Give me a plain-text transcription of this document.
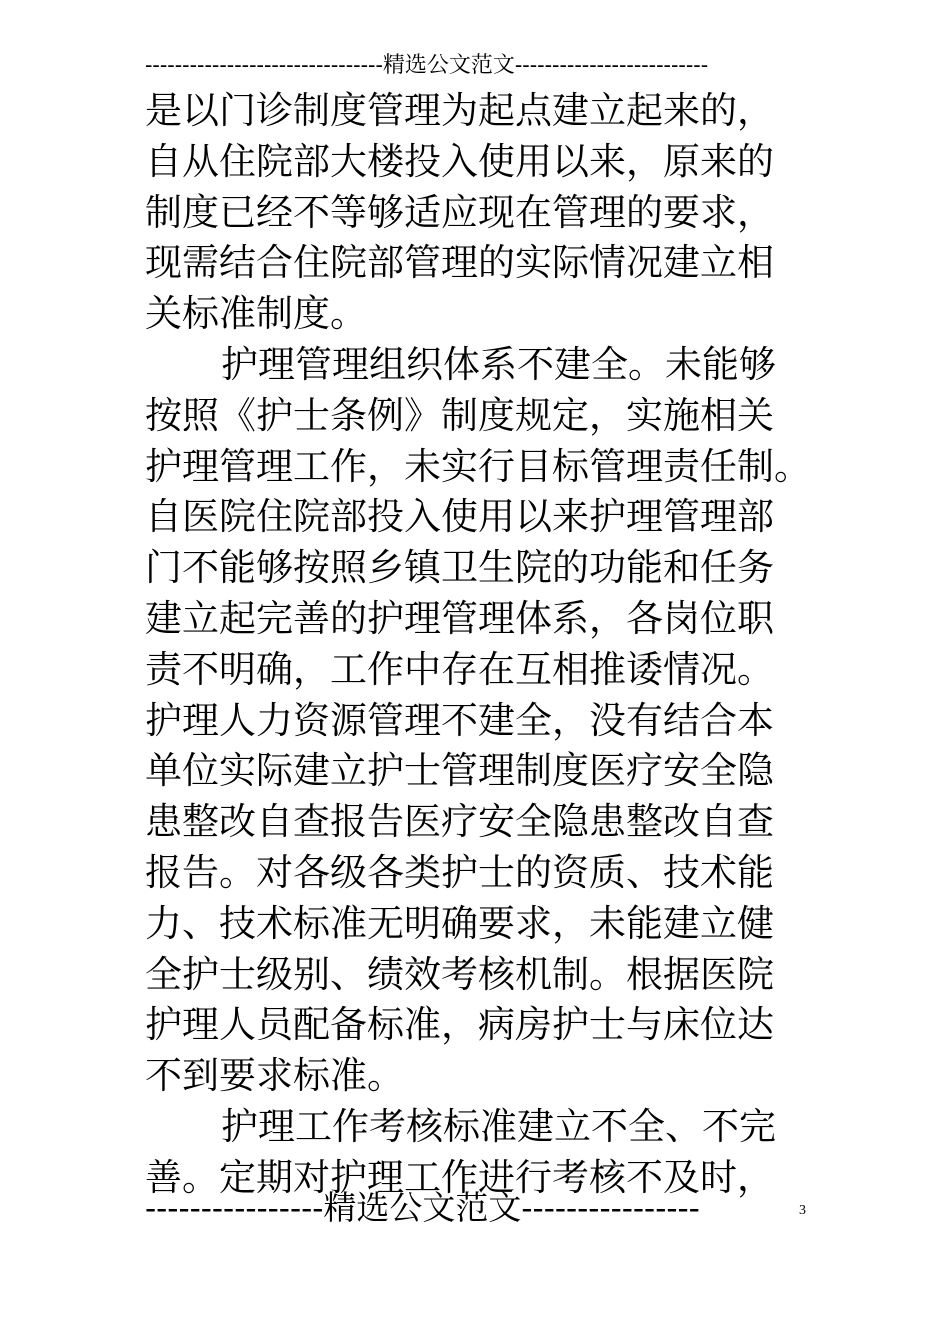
--------------------------------精选公文范文--------------------------
是以门诊制度管理为起点建立起来的，
自从住院部大楼投入使用以来，原来的
制度已经不等够适应现在管理的要求，
现需结合住院部管理的实际情况建立相
关标准制度。
护理管理组织体系不建全。未能够
按照《护士条例》制度规定，实施相关
护理管理工作，未实行目标管理责任制。
自医院住院部投入使用以来护理管理部
门不能够按照乡镇卫生院的功能和任务
建立起完善的护理管理体系，各岗位职
责不明确，工作中存在互相推诿情况。
护理人力资源管理不建全，没有结合本
单位实际建立护士管理制度医疗安全隐
患整改自查报告医疗安全隐患整改自查
报告。对各级各类护士的资质、技术能
力、技术标准无明确要求，未能建立健
全护士级别、绩效考核机制。根据医院
护理人员配备标准，病房护士与床位达
不到要求标准。
护理工作考核标准建立不全、不完
善。定期对护理工作进行考核不及时，
----------------精选公文范文----------------	3
